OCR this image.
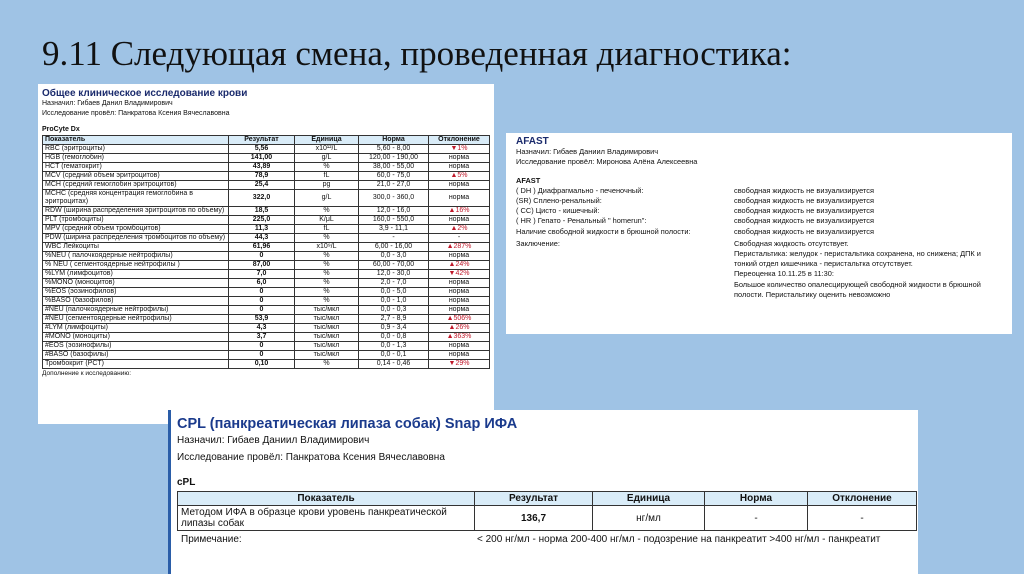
9.11 Следующая смена, проведенная диагностика:
Общее клиническое исследование крови
Назначил: Гибаев Данил Владимирович
Исследование провёл: Панкратова Ксения Вячеславовна
ProCyte Dx
Показатель	Результат	Единица	Норма	Отклонение
RBC (эритроциты)	5,56	x10¹²/L	5,60 - 8,00	▼1%
HGB (гемоглобин)	141,00	g/L	120,00 - 190,00	норма
HCT (гематокрит)	43,89	%	38,00 - 55,00	норма
MCV (средний объем эритроцитов)	78,9	fL	60,0 - 75,0	▲5%
MCH (средний гемоглобин эритроцитов)	25,4	pg	21,0 - 27,0	норма
MCHC (средняя концентрация гемоглобина в эритроцитах)	322,0	g/L	300,0 - 360,0	норма
RDW (ширина распределения эритроцитов по объему)	18,5	%	12,0 - 16,0	▲16%
PLT (тромбоциты)	225,0	K/μL	160,0 - 550,0	норма
MPV (средний объем тромбоцитов)	11,3	fL	3,9 - 11,1	▲2%
PDW (ширина распределения тромбоцитов по объему)	44,3	%	-	-
WBC Лейкоциты	61,96	x10⁹/L	6,00 - 16,00	▲287%
%NEU ( палочкоядерные нейтрофилы)	0	%	0,0 - 3,0	норма
% NEU ( сегментоядерные нейтрофилы )	87,00	%	60,00 - 70,00	▲24%
%LYM (лимфоцитов)	7,0	%	12,0 - 30,0	▼42%
%MONO (моноцитов)	6,0	%	2,0 - 7,0	норма
%EOS (эозинофилов)	0	%	0,0 - 5,0	норма
%BASO (базофилов)	0	%	0,0 - 1,0	норма
#NEU (палочкоядерные нейтрофилы)	0	тыс/мкл	0,0 - 0,3	норма
#NEU (сегментоядерные нейтрофилы)	53,9	тыс/мкл	2,7 - 8,9	▲506%
#LYM (лимфоциты)	4,3	тыс/мкл	0,9 - 3,4	▲26%
#MONO (моноциты)	3,7	тыс/мкл	0,0 - 0,8	▲363%
#EOS (эозинофилы)	0	тыс/мкл	0,0 - 1,3	норма
#BASO (базофилы)	0	тыс/мкл	0,0 - 0,1	норма
Тромбокрит (PCT)	0,10	%	0,14 - 0,46	▼29%
Дополнение к исследованию:
AFAST
Назначил: Гибаев Даниил Владимирович
Исследование провёл: Миронова Алёна Алексеевна
AFAST
( DH ) Диафрагмально - печеночный:	свободная жидкость не визуализируется
(SR) Сплено-ренальный:	свободная жидкость не визуализируется
( CC) Цисто - кишечный:	свободная жидкость не визуализируется
( HR ) Гепато - Ренальный " homerun":	свободная жидкость не визуализируется
Наличие свободной жидкости в брюшной полости:	свободная жидкость не визуализируется
Заключение:	Свободная жидкость отсутствует.
Перистальтика: желудок - перистальтика сохранена, но снижена; ДПК и тонкий отдел кишечника - перистальтка отсутствует.
Переоценка 10.11.25 в 11:30:
Большое количество опалесцирующей свободной жидкости в брюшной полости. Перистальтику оценить невозможно
CPL (панкреатическая липаза собак) Snap ИФА
Назначил: Гибаев Даниил Владимирович
Исследование провёл: Панкратова Ксения Вячеславовна
cPL
Показатель	Результат	Единица	Норма	Отклонение
Методом ИФА в образце крови уровень панкреатической липазы собак	136,7	нг/мл	-	-
Примечание:	< 200 нг/мл - норма 200-400 нг/мл - подозрение на панкреатит >400 нг/мл - панкреатит
